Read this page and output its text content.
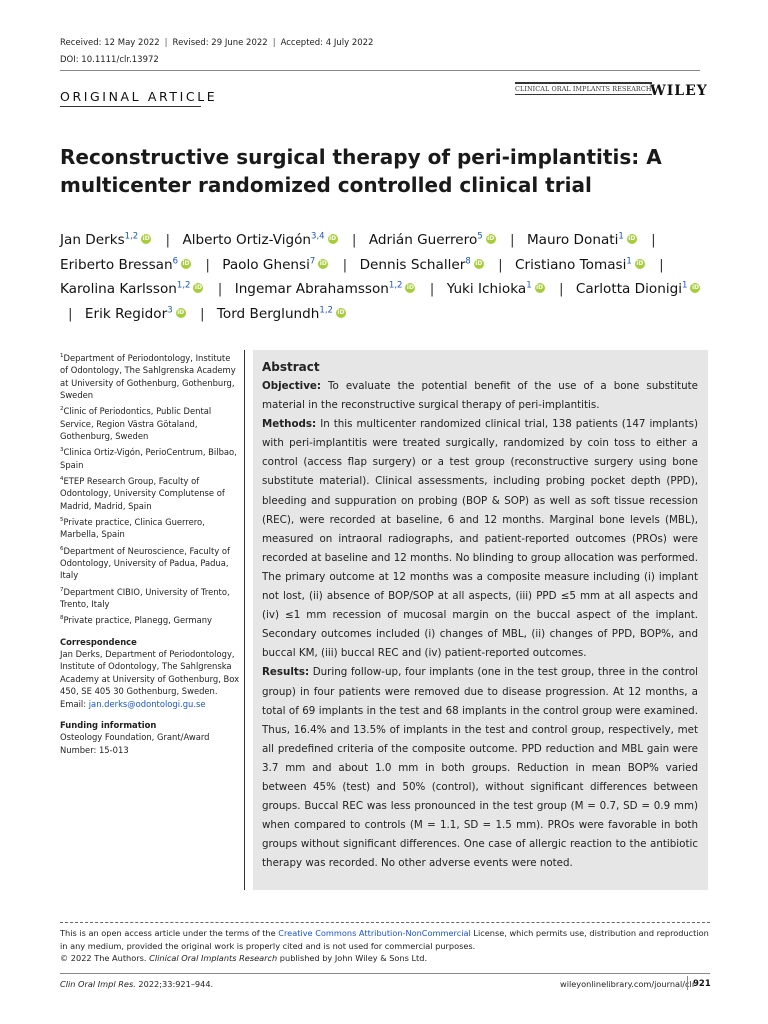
Received: 12 May 2022 | Revised: 29 June 2022 | Accepted: 4 July 2022
DOI: 10.1111/clr.13972
ORIGINAL ARTICLE	CLINICAL ORAL IMPLANTS RESEARCH
WILEY
Reconstructive surgical therapy of peri-implantitis: A multicenter randomized controlled clinical trial
Jan Derks$^{1,2}$ iD | Alberto Ortiz-Vigón$^{3,4}$ iD | Adrián Guerrero$^5$ iD | Mauro Donati$^1$ iD | Eriberto Bressan$^6$ iD | Paolo Ghensi$^7$ iD | Dennis Schaller$^8$ iD | Cristiano Tomasi$^1$ iD | Karolina Karlsson$^{1,2}$ iD | Ingemar Abrahamsson$^{1,2}$ iD | Yuki Ichioka$^1$ iD | Carlotta Dionigi$^1$ iD | Erik Regidor$^3$ iD | Tord Berglundh$^{1,2}$ iD
$^1$Department of Periodontology, Institute of Odontology, The Sahlgrenska Academy at University of Gothenburg, Gothenburg, Sweden
$^2$Clinic of Periodontics, Public Dental Service, Region Västra Götaland, Gothenburg, Sweden
$^3$Clinica Ortiz-Vigón, PerioCentrum, Bilbao, Spain
$^4$ETEP Research Group, Faculty of Odontology, University Complutense of Madrid, Madrid, Spain
$^5$Private practice, Clinica Guerrero, Marbella, Spain
$^6$Department of Neuroscience, Faculty of Odontology, University of Padua, Padua, Italy
$^7$Department CIBIO, University of Trento, Trento, Italy
$^8$Private practice, Planegg, Germany
Correspondence
Jan Derks, Department of Periodontology, Institute of Odontology, The Sahlgrenska Academy at University of Gothenburg, Box 450, SE 405 30 Gothenburg, Sweden. Email: jan.derks@odontologi.gu.se
Funding information
Osteology Foundation, Grant/Award Number: 15-013
Abstract
Objective: To evaluate the potential benefit of the use of a bone substitute material in the reconstructive surgical therapy of peri-implantitis.
Methods: In this multicenter randomized clinical trial, 138 patients (147 implants) with peri-implantitis were treated surgically, randomized by coin toss to either a control (access flap surgery) or a test group (reconstructive surgery using bone substitute material). Clinical assessments, including probing pocket depth (PPD), bleeding and suppuration on probing (BOP & SOP) as well as soft tissue recession (REC), were recorded at baseline, 6 and 12 months. Marginal bone levels (MBL), measured on intraoral radiographs, and patient-reported outcomes (PROs) were recorded at baseline and 12 months. No blinding to group allocation was performed. The primary outcome at 12 months was a composite measure including (i) implant not lost, (ii) absence of BOP/SOP at all aspects, (iii) PPD ≤5 mm at all aspects and (iv) ≤1 mm recession of mucosal margin on the buccal aspect of the implant. Secondary outcomes included (i) changes of MBL, (ii) changes of PPD, BOP%, and buccal KM, (iii) buccal REC and (iv) patient-reported outcomes.
Results: During follow-up, four implants (one in the test group, three in the control group) in four patients were removed due to disease progression. At 12 months, a total of 69 implants in the test and 68 implants in the control group were examined. Thus, 16.4% and 13.5% of implants in the test and control group, respectively, met all predefined criteria of the composite outcome. PPD reduction and MBL gain were 3.7 mm and about 1.0 mm in both groups. Reduction in mean BOP% varied between 45% (test) and 50% (control), without significant differences between groups. Buccal REC was less pronounced in the test group (M = 0.7, SD = 0.9 mm) when compared to controls (M = 1.1, SD = 1.5 mm). PROs were favorable in both groups without significant differences. One case of allergic reaction to the antibiotic therapy was recorded. No other adverse events were noted.
This is an open access article under the terms of the Creative Commons Attribution-NonCommercial License, which permits use, distribution and reproduction in any medium, provided the original work is properly cited and is not used for commercial purposes.
© 2022 The Authors. Clinical Oral Implants Research published by John Wiley & Sons Ltd.
Clin Oral Impl Res. 2022;33:921–944.	wileyonlinelibrary.com/journal/clr
921
